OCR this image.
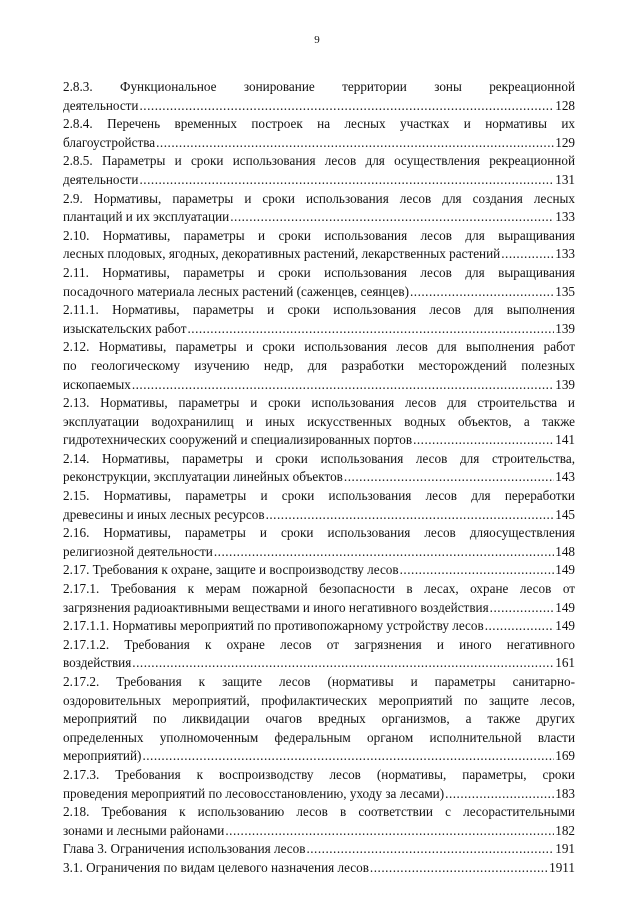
9
2.8.3. Функциональное зонирование территории зоны рекреационной
деятельности .....	128
2.8.4. Перечень временных построек на лесных участках и нормативы их
благоустройства .....	129
2.8.5. Параметры и сроки использования лесов для осуществления рекреационной
деятельности .....	131
2.9. Нормативы, параметры и сроки использования лесов для создания лесных
плантаций и их эксплуатации .....	133
2.10. Нормативы, параметры и сроки использования лесов для выращивания
лесных плодовых, ягодных, декоративных растений, лекарственных растений .....	133
2.11. Нормативы, параметры и сроки использования лесов для выращивания
посадочного материала лесных растений (саженцев, сеянцев) .....	135
2.11.1. Нормативы, параметры и сроки использования лесов для выполнения
изыскательских работ .....	139
2.12. Нормативы, параметры и сроки использования лесов для выполнения работ
по геологическому изучению недр, для разработки месторождений полезных
ископаемых .....	139
2.13. Нормативы, параметры и сроки использования лесов для строительства и
эксплуатации водохранилищ и иных искусственных водных объектов, а также
гидротехнических сооружений и специализированных портов .....	141
2.14. Нормативы, параметры и сроки использования лесов для строительства,
реконструкции, эксплуатации линейных объектов .....	143
2.15. Нормативы, параметры и сроки использования лесов для переработки
древесины и иных лесных ресурсов .....	145
2.16. Нормативы, параметры и сроки использования лесов дляосуществления
религиозной деятельности .....	148
2.17. Требования к охране, защите и воспроизводству лесов .....	149
2.17.1. Требования к мерам пожарной безопасности в лесах, охране лесов от
загрязнения радиоактивными веществами и иного негативного воздействия .....	149
2.17.1.1. Нормативы мероприятий по противопожарному устройству лесов .....	149
2.17.1.2. Требования к охране лесов от загрязнения и иного негативного
воздействия .....	161
2.17.2. Требования к защите лесов (нормативы и параметры санитарно-
оздоровительных мероприятий, профилактических мероприятий по защите лесов,
мероприятий по ликвидации очагов вредных организмов, а также других
определенных уполномоченным федеральным органом исполнительной власти
мероприятий) .....	169
2.17.3. Требования к воспроизводству лесов (нормативы, параметры, сроки
проведения мероприятий по лесовосстановлению, уходу за лесами) .....	183
2.18. Требования к использованию лесов в соответствии с лесорастительными
зонами и лесными районами .....	182
Глава 3. Ограничения использования лесов .....	191
3.1. Ограничения по видам целевого назначения лесов .....	1911
